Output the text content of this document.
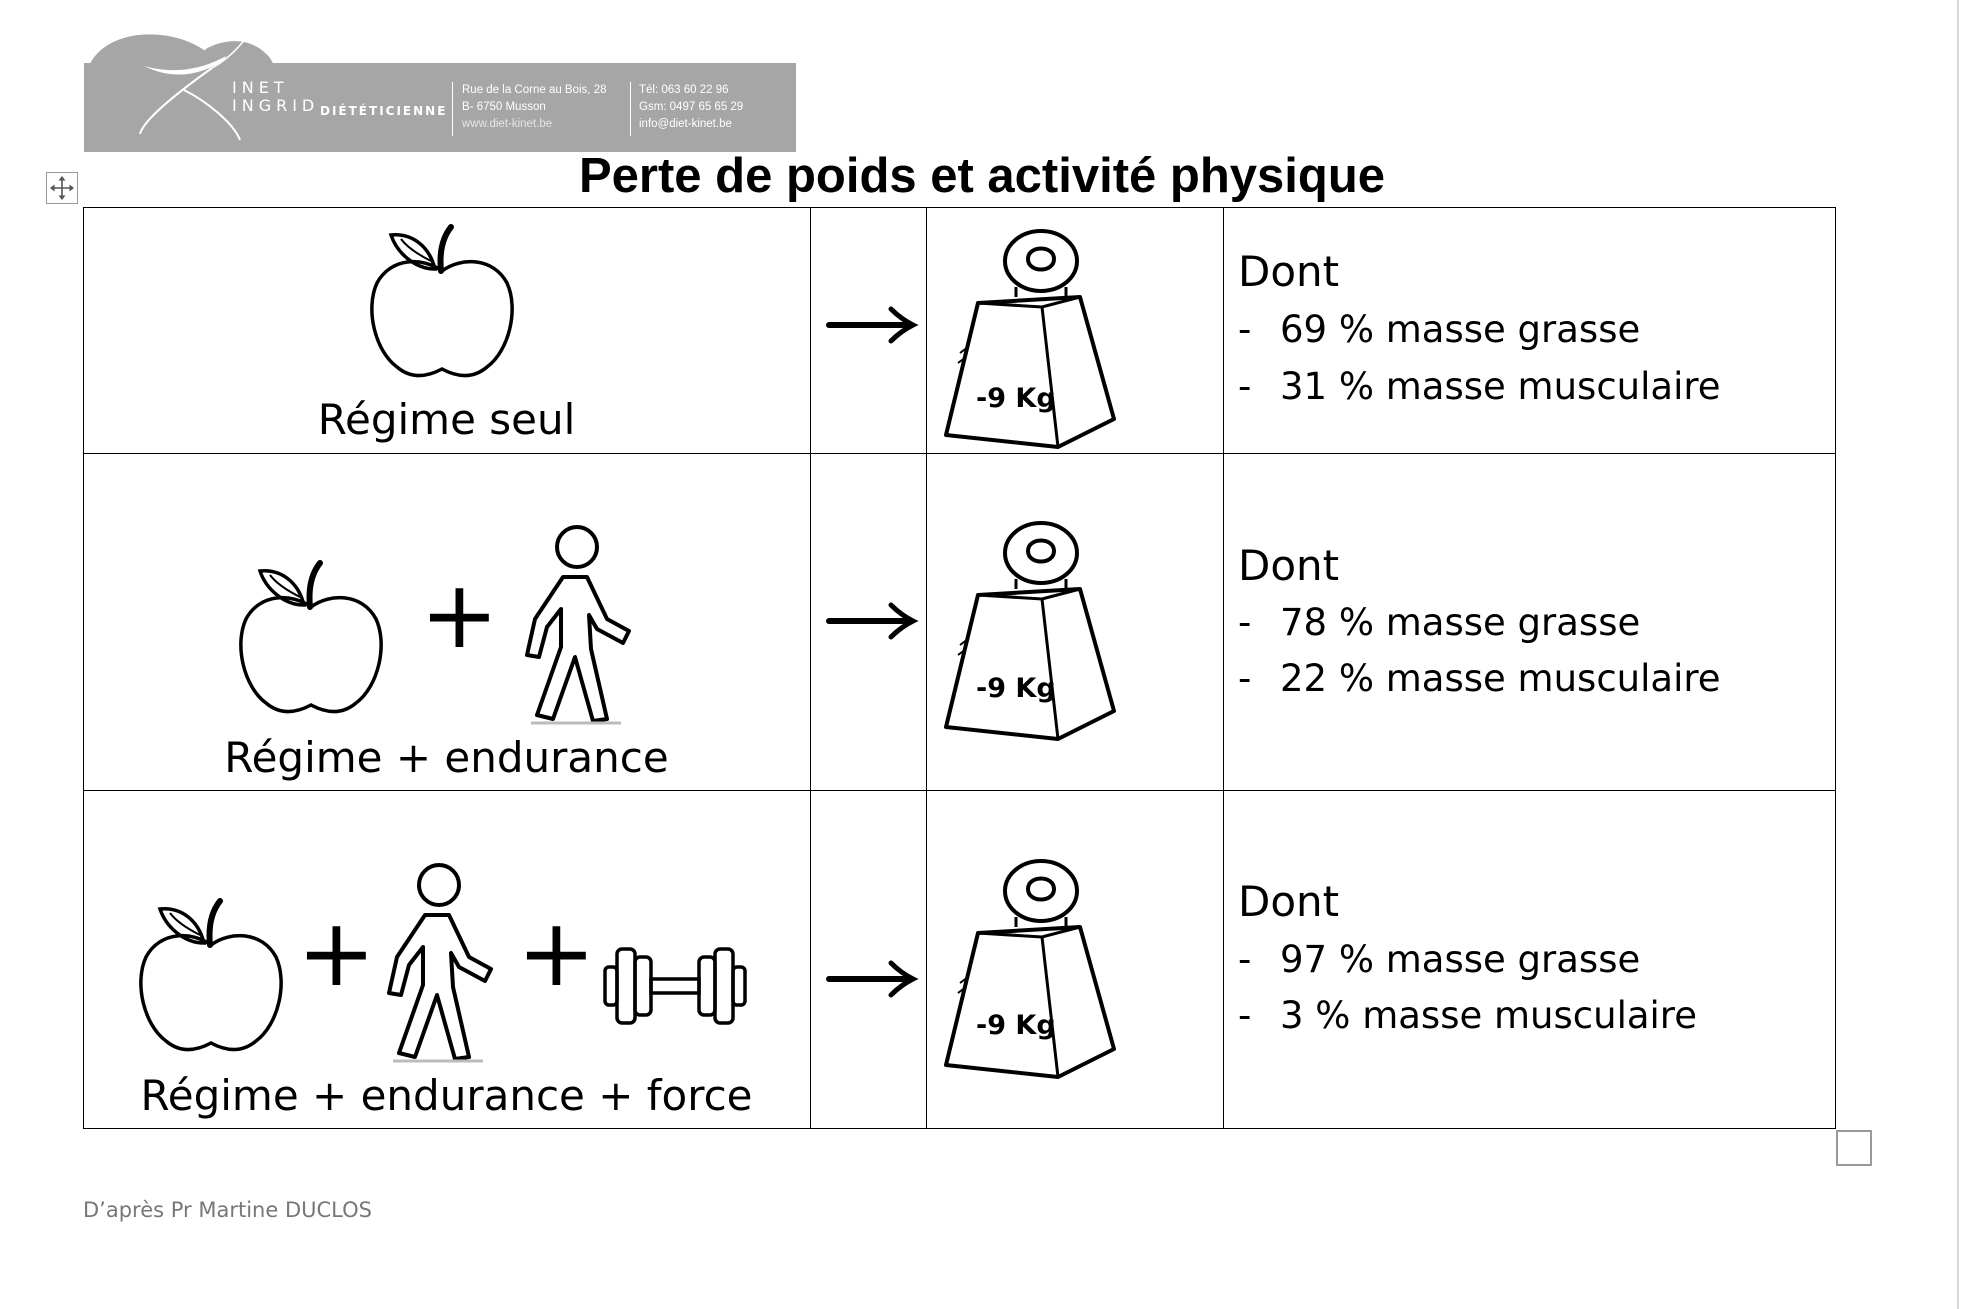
INET
INGRID DIÉTÉTICIENNE
Rue de la Corne au Bois, 28
B- 6750 Musson
www.diet-kinet.be
Tél: 063 60 22 96
Gsm: 0497 65 65 29
info@diet-kinet.be
Perte de poids et activité physique
Régime seul	-9 Kg
Dont
- 69 % masse grasse
- 31 % masse musculaire
+
Régime + endurance
-9 Kg
Dont
- 78 % masse grasse
- 22 % masse musculaire
+ +
Régime + endurance + force
-9 Kg
Dont
- 97 % masse grasse
- 3 % masse musculaire
D’après Pr Martine DUCLOS
